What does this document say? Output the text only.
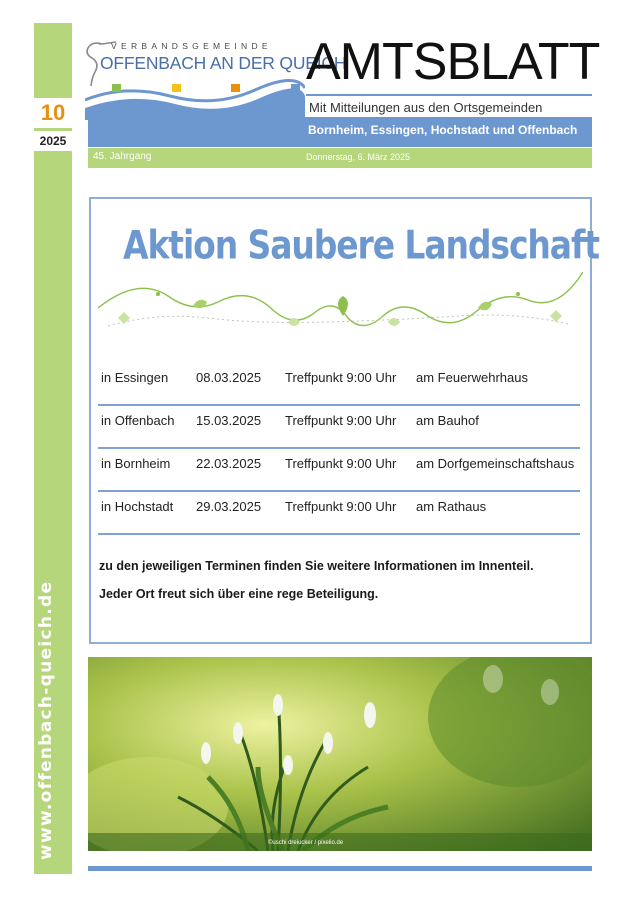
www.offenbach-queich.de
10
2025
VERBANDSGEMEINDE
OFFENBACH AN DER QUEICH
AMTSBLATT
Mit Mitteilungen aus den Ortsgemeinden
Bornheim, Essingen, Hochstadt und Offenbach
45. Jahrgang	Donnerstag, 6. März 2025
Aktion Saubere Landschaft
in Essingen 08.03.2025 Treffpunkt 9:00 Uhr am Feuerwehrhaus
in Offenbach 15.03.2025 Treffpunkt 9:00 Uhr am Bauhof
in Bornheim 22.03.2025 Treffpunkt 9:00 Uhr am Dorfgemeinschaftshaus
in Hochstadt 29.03.2025 Treffpunkt 9:00 Uhr am Rathaus
zu den jeweiligen Terminen finden Sie weitere Informationen im Innenteil.
Jeder Ort freut sich über eine rege Beteiligung.
©uschi dreiucker / pixelio.de
